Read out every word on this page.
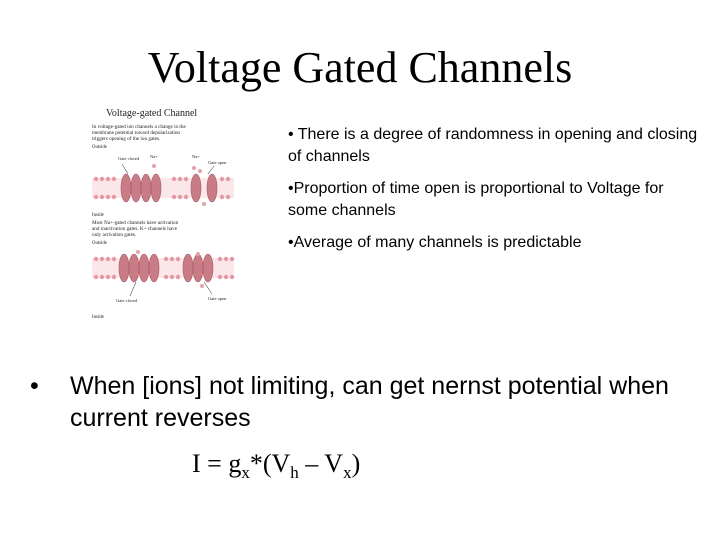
Voltage Gated Channels
Voltage-gated Channel
In voltage-gated ion channels a change in the
membrane potential toward depolarization
triggers opening of the ion gates.
Outside
Gate closed Na+	Na+
Gate open
Inside
Most Na+-gated channels have activation
and inactivation gates. K+ channels have
only activation gates.
Outside
Gate open
Gate closed
Inside

• There is a degree of randomness in opening and closing of channels

•Proportion of time open is proportional to Voltage for some channels

•Average of many channels is predictable

• When [ions] not limiting, can get nernst potential when current reverses
$I = g_x*(V_h - V_x)$
